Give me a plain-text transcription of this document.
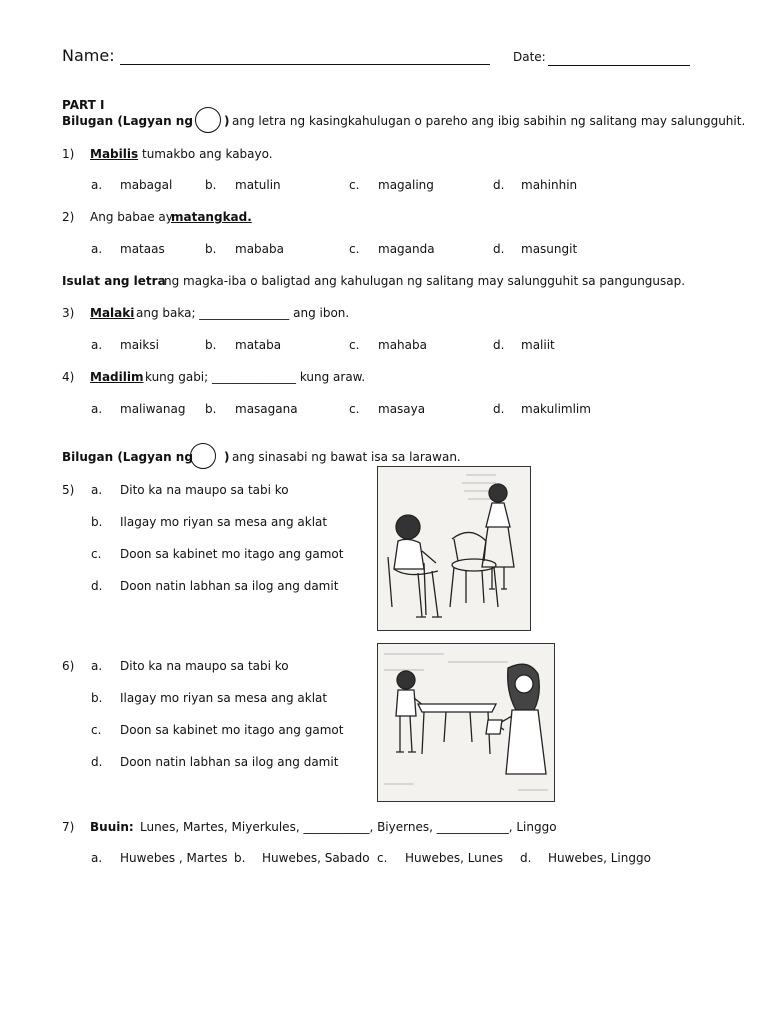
Name:	Date:
PART I
Bilugan (Lagyan ng	) ang letra ng kasingkahulugan o pareho ang ibig sabihin ng salitang may salungguhit.
1) Mabilis tumakbo ang kabayo.
a. mabagal	b. matulin	c. magaling	d. mahinhin
2) Ang babae ay
matangkad.
a. mataas	b. mababa	c. maganda	d. masungit
Isulat ang letra
ng magka-iba o baligtad ang kahulugan ng salitang may salungguhit sa pangungusap.
3) Malaki ang baka; _______________ ang ibon.
a. maiksi	b. mataba	c. mahaba	d. maliit
4) Madilim kung gabi; ______________ kung araw.
a. maliwanag b. masagana	c. masaya	d. makulimlim
Bilugan (Lagyan ng	) ang sinasabi ng bawat isa sa larawan.
5) a. Dito ka na maupo sa tabi ko
b. Ilagay mo riyan sa mesa ang aklat
c. Doon sa kabinet mo itago ang gamot
d. Doon natin labhan sa ilog ang damit
6) a. Dito ka na maupo sa tabi ko
b. Ilagay mo riyan sa mesa ang aklat
c. Doon sa kabinet mo itago ang gamot
d. Doon natin labhan sa ilog ang damit
7) Buuin: Lunes, Martes, Miyerkules, ___________, Biyernes, ____________, Linggo
a. Huwebes , Martes b. Huwebes, Sabado c. Huwebes, Lunes d. Huwebes, Linggo
